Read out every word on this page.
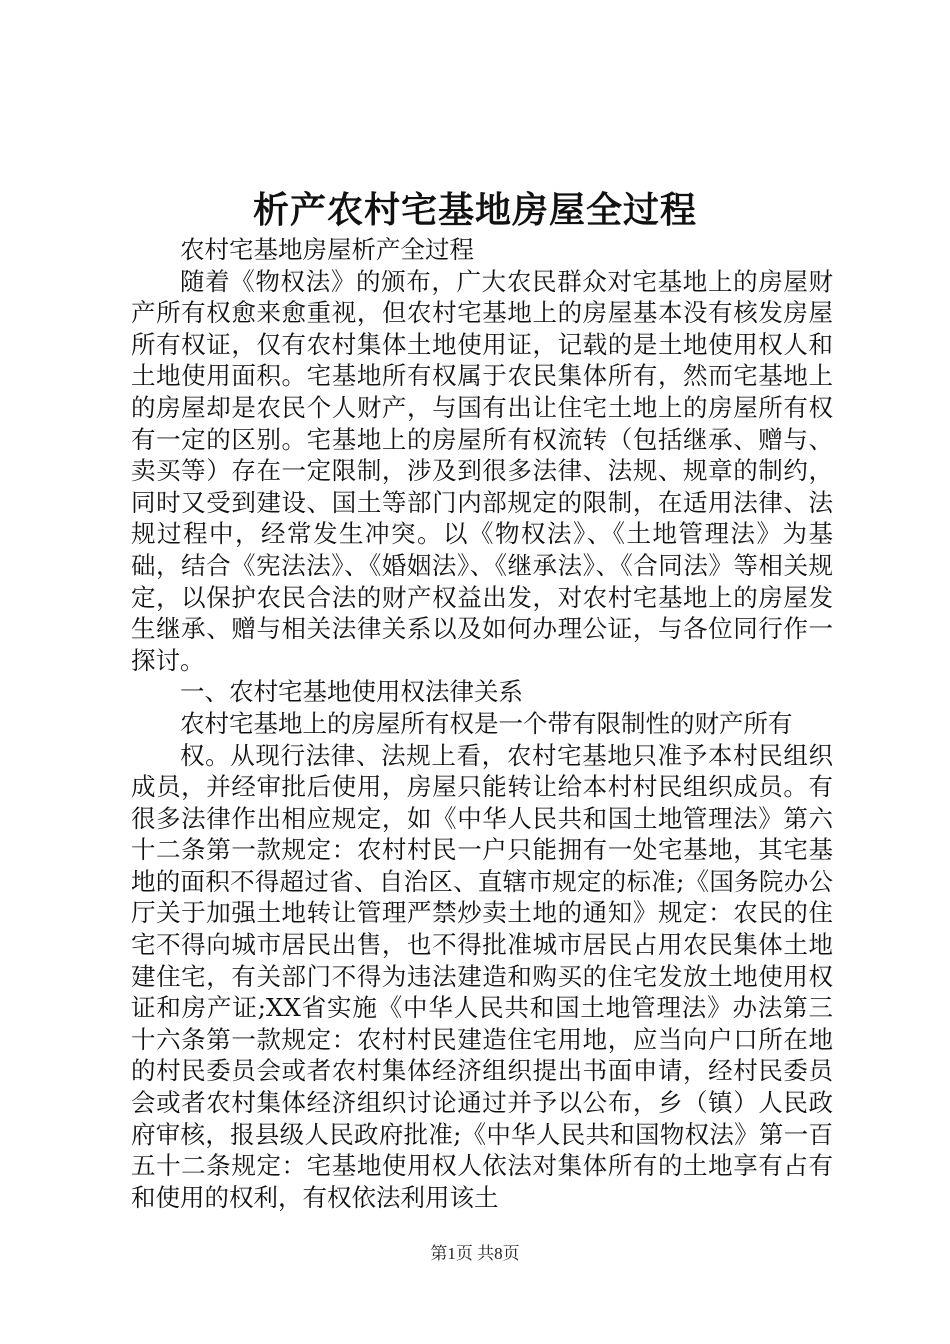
析产农村宅基地房屋全过程

农村宅基地房屋析产全过程

随着《物权法》的颁布，广大农民群众对宅基地上的房屋财产所有权愈来愈重视，但农村宅基地上的房屋基本没有核发房屋所有权证，仅有农村集体土地使用证，记载的是土地使用权人和土地使用面积。宅基地所有权属于农民集体所有，然而宅基地上的房屋却是农民个人财产，与国有出让住宅土地上的房屋所有权有一定的区别。宅基地上的房屋所有权流转（包括继承、赠与、卖买等）存在一定限制，涉及到很多法律、法规、规章的制约，同时又受到建设、国土等部门内部规定的限制，在适用法律、法规过程中，经常发生冲突。以《物权法》、《土地管理法》为基础，结合《宪法法》、《婚姻法》、《继承法》、《合同法》等相关规定，以保护农民合法的财产权益出发，对农村宅基地上的房屋发生继承、赠与相关法律关系以及如何办理公证，与各位同行作一探讨。

一、农村宅基地使用权法律关系

农村宅基地上的房屋所有权是一个带有限制性的财产所有

权。从现行法律、法规上看，农村宅基地只准予本村民组织成员，并经审批后使用，房屋只能转让给本村村民组织成员。有很多法律作出相应规定，如《中华人民共和国土地管理法》第六十二条第一款规定：农村村民一户只能拥有一处宅基地，其宅基地的面积不得超过省、自治区、直辖市规定的标准;《国务院办公厅关于加强土地转让管理严禁炒卖土地的通知》规定：农民的住宅不得向城市居民出售，也不得批准城市居民占用农民集体土地建住宅，有关部门不得为违法建造和购买的住宅发放土地使用权证和房产证;XX省实施《中华人民共和国土地管理法》办法第三十六条第一款规定：农村村民建造住宅用地，应当向户口所在地的村民委员会或者农村集体经济组织提出书面申请，经村民委员会或者农村集体经济组织讨论通过并予以公布，乡（镇）人民政府审核，报县级人民政府批准;《中华人民共和国物权法》第一百五十二条规定：宅基地使用权人依法对集体所有的土地享有占有和使用的权利，有权依法利用该土

第1页 共8页
